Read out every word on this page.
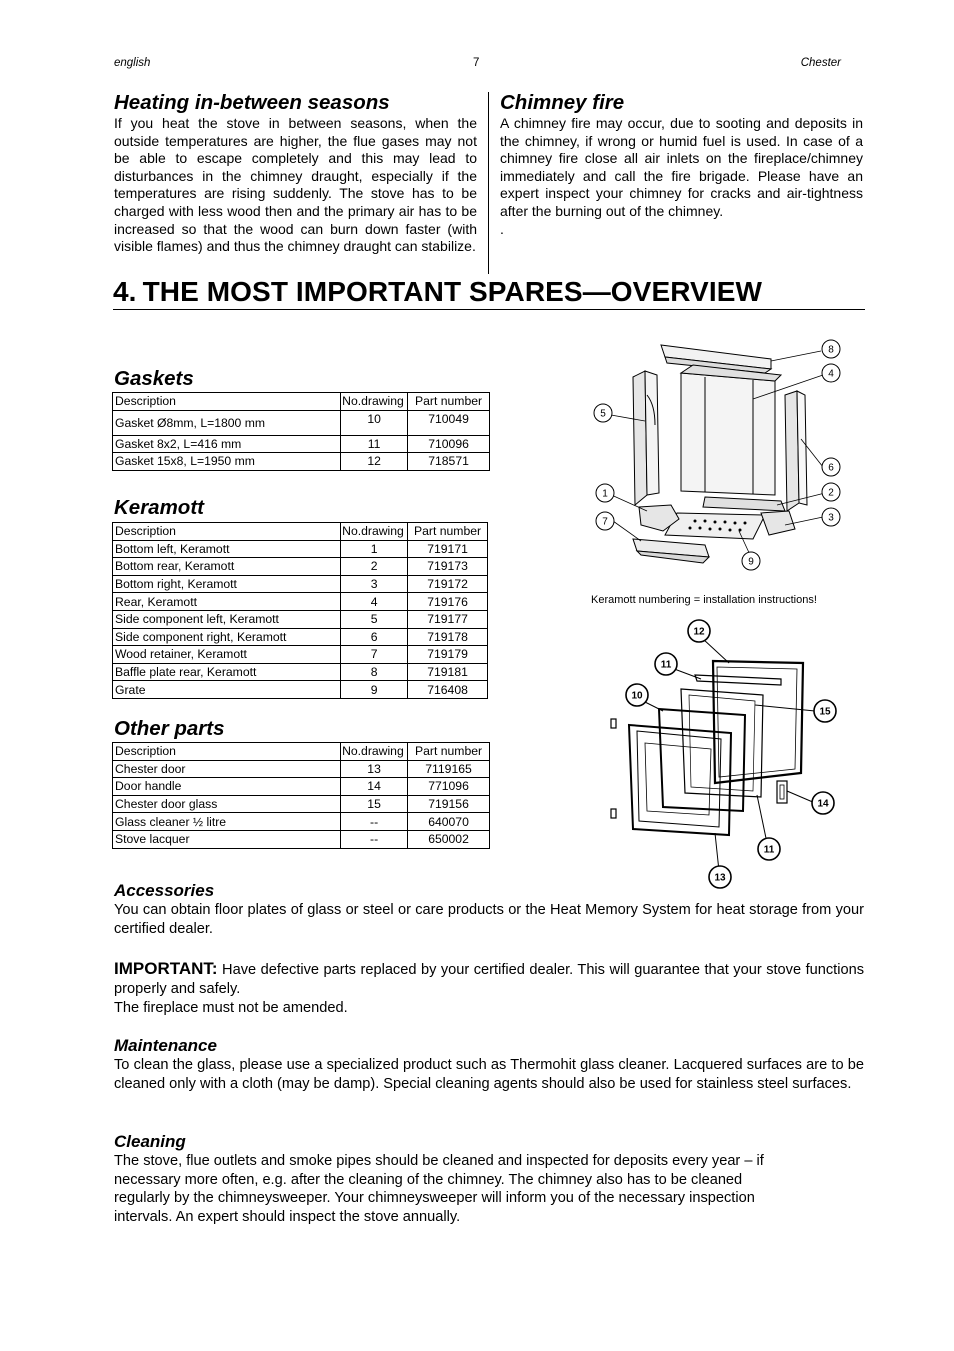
english	7	Chester
Heating in-between seasons

If you heat the stove in between seasons, when the outside temperatures are higher, the flue gases may not be able to escape completely and this may lead to disturbances in the chimney draught, especially if the temperatures are rising suddenly. The stove has to be charged with less wood then and the primary air has to be increased so that the wood can burn down faster (with visible flames) and thus the chimney draught can stabilize.

Chimney fire

A chimney fire may occur, due to sooting and deposits in the chimney, if wrong or humid fuel is used. In case of a chimney fire close all air inlets on the fireplace/chimney immediately and call the fire brigade. Please have an expert inspect your chimney for cracks and air-tightness after the burning out of the chimney.

.

4. THE MOST IMPORTANT SPARES—OVERVIEW
Gaskets
Description	No.drawing	Part number
Gasket Ø8mm, L=1800 mm	10	710049
Gasket 8x2, L=416 mm	11	710096
Gasket 15x8, L=1950 mm	12	718571
Keramott
Description	No.drawing	Part number
Bottom left, Keramott	1	719171
Bottom rear, Keramott	2	719173
Bottom right, Keramott	3	719172
Rear, Keramott	4	719176
Side component left, Keramott	5	719177
Side component right, Keramott	6	719178
Wood retainer, Keramott	7	719179
Baffle plate rear, Keramott	8	719181
Grate	9	716408
Other parts
Description	No.drawing	Part number
Chester door	13	7119165
Door handle	14	771096
Chester door glass	15	719156
Glass cleaner ½ litre	--	640070
Stove lacquer	--	650002
8
4
5
6
1	2
3
7
9
Keramott numbering = installation instructions!
12
11
10
15
14
11
13
Accessories

You can obtain floor plates of glass or steel or care products or the Heat Memory System for heat storage from your certified dealer.

IMPORTANT: Have defective parts replaced by your certified dealer. This will guarantee that your stove functions properly and safely.

The fireplace must not be amended.

Maintenance

To clean the glass, please use a specialized product such as Thermohit glass cleaner. Lacquered surfaces are to be cleaned only with a cloth (may be damp). Special cleaning agents should also be used for stainless steel surfaces.

Cleaning
The stove, flue outlets and smoke pipes should be cleaned and inspected for deposits every year – if
necessary more often, e.g. after the cleaning of the chimney. The chimney also has to be cleaned
regularly by the chimneysweeper. Your chimneysweeper will inform you of the necessary inspection
intervals. An expert should inspect the stove annually.
